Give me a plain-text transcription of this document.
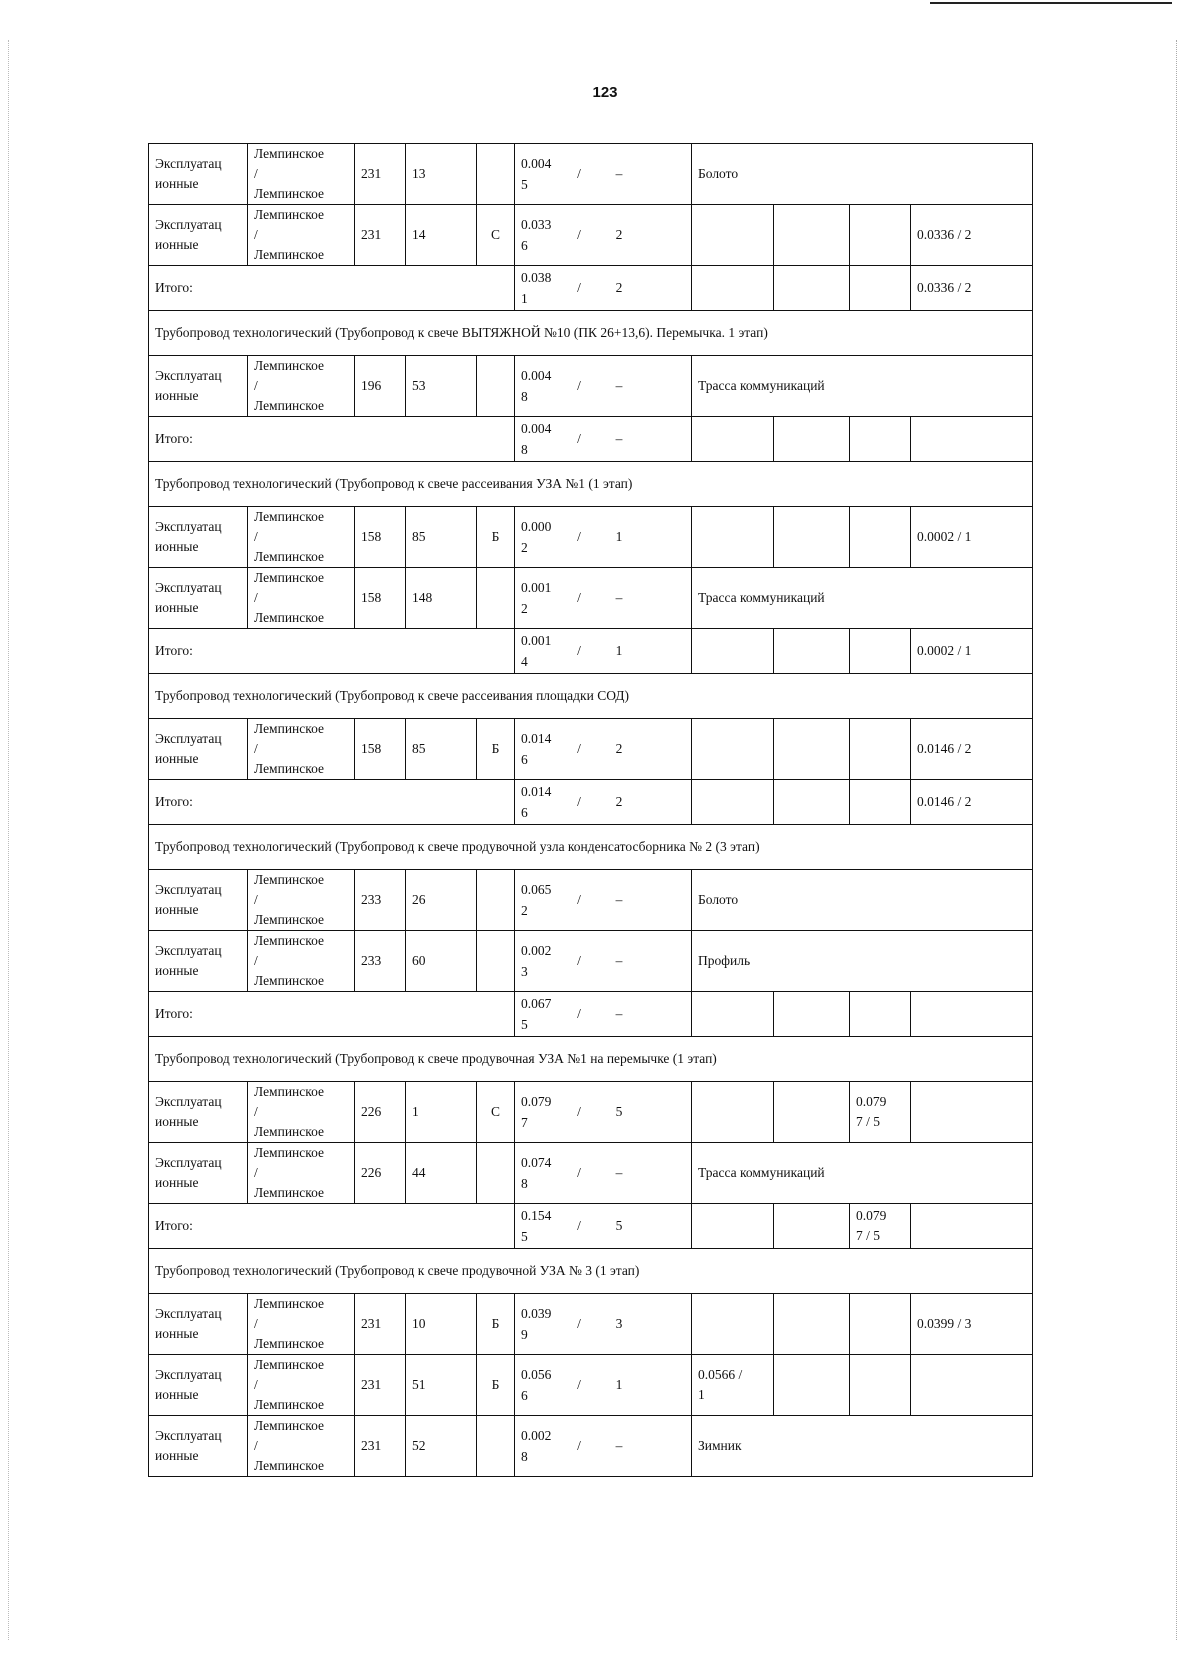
123
Эксплуатац
ионные	Лемпинское
/
Лемпинское	231	13		0.004
5
/ –	Болото			
Эксплуатац
ионные	Лемпинское
/
Лемпинское	231	14	С	0.033
6
/ 2				0.0336 / 2
Итого:					0.038
1
/ 2				0.0336 / 2
Трубопровод технологический (Трубопровод к свече ВЫТЯЖНОЙ №10 (ПК 26+13,6). Перемычка. 1 этап)									
Эксплуатац
ионные	Лемпинское
/
Лемпинское	196	53		0.004
8
/ –	Трасса коммуникаций			
Итого:					0.004
8
/ –				

Трубопровод технологический (Трубопровод к свече рассеивания УЗА №1 (1 этап)									
Эксплуатац
ионные	Лемпинское
/
Лемпинское	158	85	Б	0.000
2
/ 1				0.0002 / 1
Эксплуатац
ионные	Лемпинское
/
Лемпинское	158	148		0.001
2
/ –	Трасса коммуникаций			
Итого:					0.001
4
/ 1				0.0002 / 1
Трубопровод технологический (Трубопровод к свече рассеивания площадки СОД)									
Эксплуатац
ионные	Лемпинское
/
Лемпинское	158	85	Б	0.014
6
/ 2				0.0146 / 2
Итого:					0.014
6
/ 2				0.0146 / 2
Трубопровод технологический (Трубопровод к свече продувочной узла конденсатосборника № 2 (3 этап)									
Эксплуатац
ионные	Лемпинское
/
Лемпинское	233	26		0.065
2
/ –	Болото			
Эксплуатац
ионные	Лемпинское
/
Лемпинское	233	60		0.002
3
/ –	Профиль			
Итого:					0.067
5
/ –				

Трубопровод технологический (Трубопровод к свече продувочная УЗА №1 на перемычке (1 этап)									
Эксплуатац
ионные	Лемпинское
/
Лемпинское	226	1	С	0.079
7
/ 5			0.079
7 / 5	
Эксплуатац
ионные	Лемпинское
/
Лемпинское	226	44		0.074
8
/ –	Трасса коммуникаций			
Итого:					0.154
5
/ 5			0.079
7 / 5	
Трубопровод технологический (Трубопровод к свече продувочной УЗА № 3 (1 этап)									
Эксплуатац
ионные	Лемпинское
/
Лемпинское	231	10	Б	0.039
9
/ 3				0.0399 / 3
Эксплуатац
ионные	Лемпинское
/
Лемпинское	231	51	Б	0.056
6
/ 1	0.0566 /
1			
Эксплуатац
ионные	Лемпинское
/
Лемпинское	231	52		0.002
8
/ –	Зимник			
